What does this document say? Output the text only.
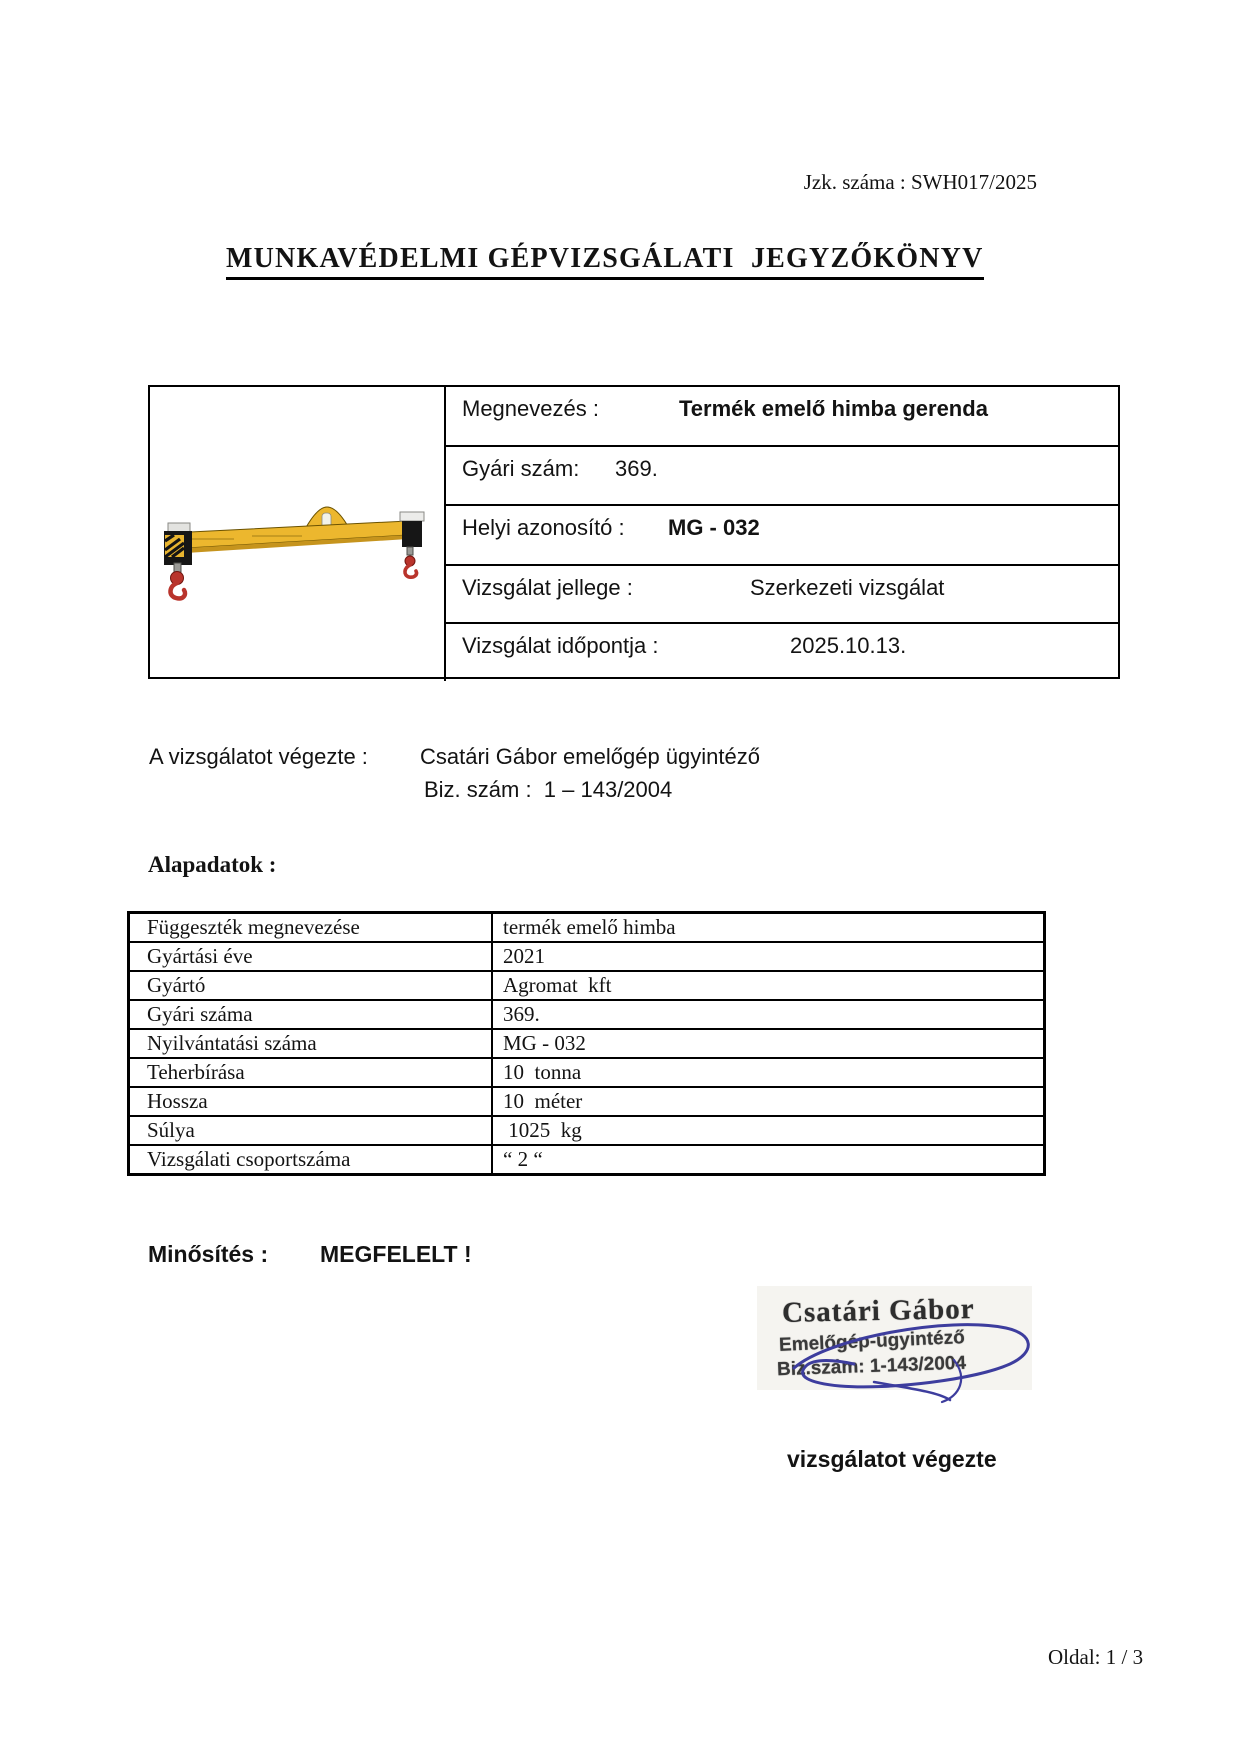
Jzk. száma : SWH017/2025
MUNKAVÉDELMI GÉPVIZSGÁLATI  JEGYZŐKÖNYV
Megnevezés :	Termék emelő himba gerenda
Gyári szám: 369.
Helyi azonosító : MG - 032
Vizsgálat jellege :	Szerkezeti vizsgálat
Vizsgálat időpontja :	2025.10.13.
A vizsgálatot végezte : Csatári Gábor emelőgép ügyintéző
Biz. szám :  1 – 143/2004
Alapadatok :
Függeszték megnevezése	termék emelő himba
Gyártási éve	2021
Gyártó	Agromat  kft
Gyári száma	369.
Nyilvántatási száma	MG - 032
Teherbírása	10  tonna
Hossza	10  méter
Súlya	1025  kg
Vizsgálati csoportszáma	“ 2 “
Minősítés : MEGFELELT !
Csatári Gábor
Emelőgép-ügyintéző
Biz.szám: 1-143/2004
vizsgálatot végezte
Oldal: 1 / 3
